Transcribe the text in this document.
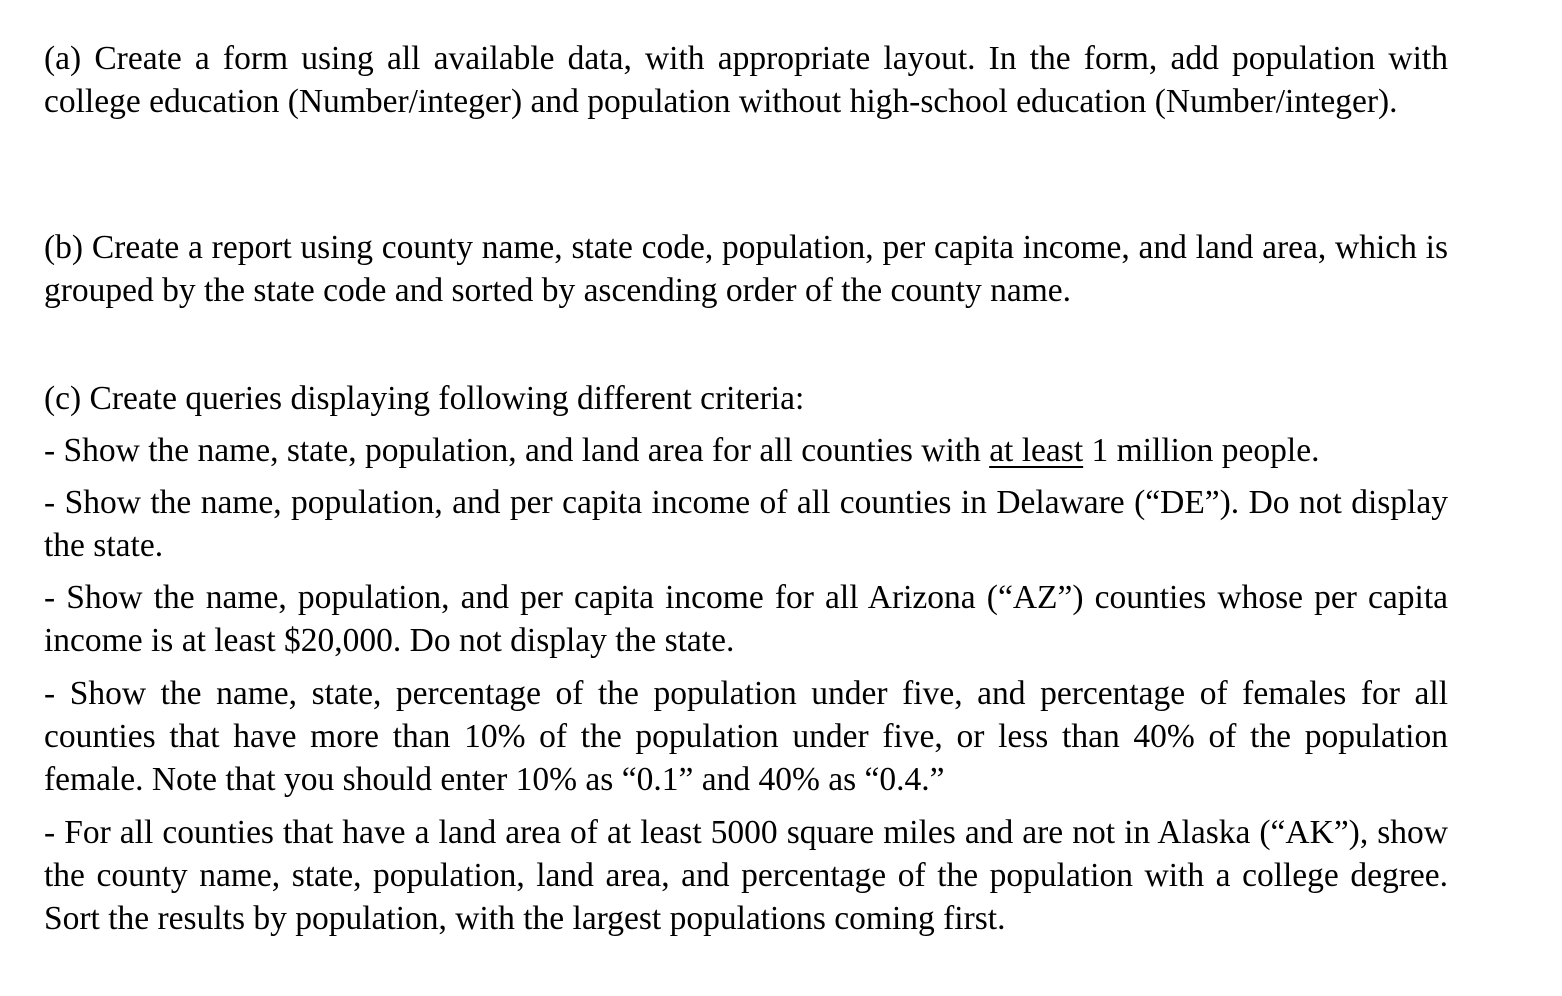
(a) Create a form using all available data, with appropriate layout. In the form, add population with college education (Number/integer) and population without high-school education (Number/integer).

(b) Create a report using county name, state code, population, per capita income, and land area, which is grouped by the state code and sorted by ascending order of the county name.

(c) Create queries displaying following different criteria:

- Show the name, state, population, and land area for all counties with at least 1 million people.

- Show the name, population, and per capita income of all counties in Delaware (“DE”). Do not display the state.

- Show the name, population, and per capita income for all Arizona (“AZ”) counties whose per capita income is at least $20,000. Do not display the state.

- Show the name, state, percentage of the population under five, and percentage of females for all counties that have more than 10% of the population under five, or less than 40% of the population female. Note that you should enter 10% as “0.1” and 40% as “0.4.”

- For all counties that have a land area of at least 5000 square miles and are not in Alaska (“AK”), show the county name, state, population, land area, and percentage of the population with a college degree. Sort the results by population, with the largest populations coming first.
